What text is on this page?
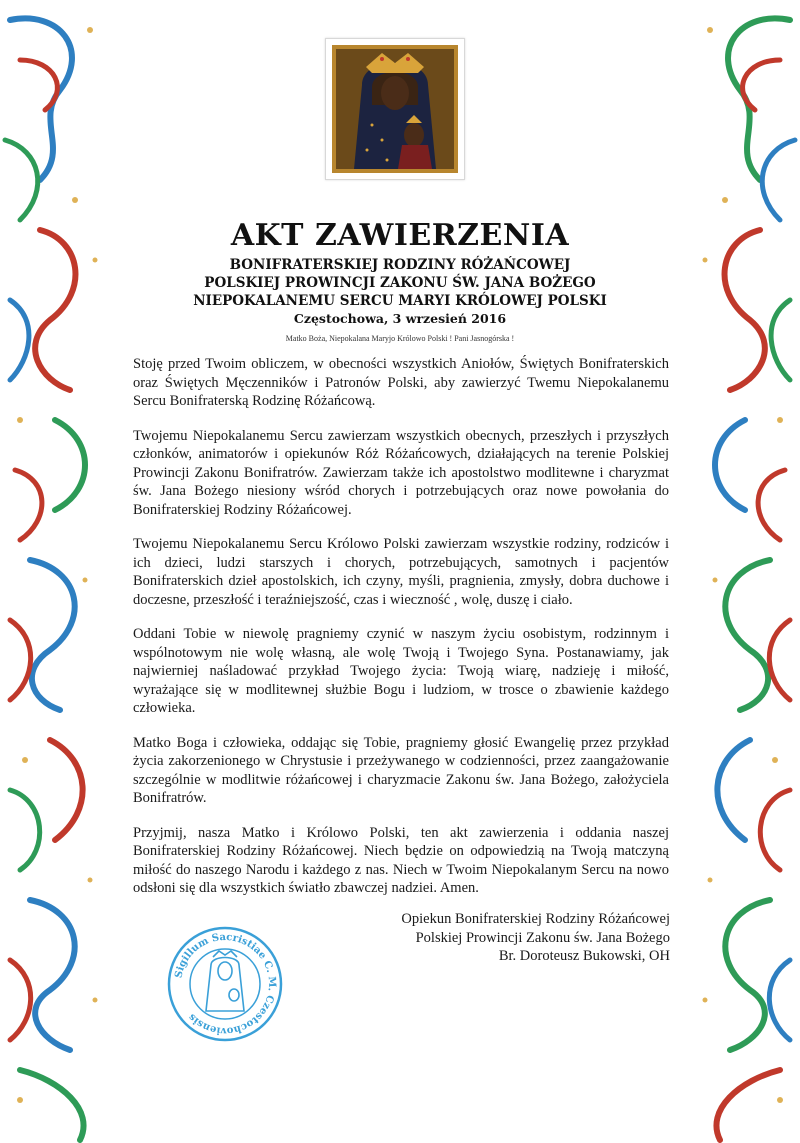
AKT ZAWIERZENIA
BONIFRATERSKIEJ RODZINY RÓŻAŃCOWEJ
POLSKIEJ PROWINCJI ZAKONU ŚW. JANA BOŻEGO
NIEPOKALANEMU SERCU MARYI KRÓLOWEJ POLSKI
Częstochowa, 3 wrzesień 2016
Matko Boża, Niepokalana Maryjo Królowo Polski ! Pani Jasnogórska !

Stoję przed Twoim obliczem, w obecności wszystkich Aniołów, Świętych Bonifraterskich oraz Świętych Męczenników i Patronów Polski, aby zawierzyć Twemu Niepokalanemu Sercu Bonifraterską Rodzinę Różańcową.

Twojemu Niepokalanemu Sercu zawierzam wszystkich obecnych, przeszłych i przyszłych członków, animatorów i opiekunów Róż Różańcowych, działających na terenie Polskiej Prowincji Zakonu Bonifratrów. Zawierzam także ich apostolstwo modlitewne i charyzmat św. Jana Bożego niesiony wśród chorych i potrzebujących oraz nowe powołania do Bonifraterskiej Rodziny Różańcowej.

Twojemu Niepokalanemu Sercu Królowo Polski zawierzam wszystkie rodziny, rodziców i ich dzieci, ludzi starszych i chorych, potrzebujących, samotnych i pacjentów Bonifraterskich dzieł apostolskich, ich czyny, myśli, pragnienia, zmysły, dobra duchowe i doczesne, przeszłość i teraźniejszość, czas i wieczność , wolę, duszę i ciało.

Oddani Tobie w niewolę pragniemy czynić w naszym życiu osobistym, rodzinnym i wspólnotowym nie wolę własną, ale wolę Twoją i Twojego Syna. Postanawiamy, jak najwierniej naśladować przykład Twojego życia: Twoją wiarę, nadzieję i miłość, wyrażające się w modlitewnej służbie Bogu i ludziom, w trosce o zbawienie każdego człowieka.

Matko Boga i człowieka, oddając się Tobie, pragniemy głosić Ewangelię przez przykład życia zakorzenionego w Chrystusie i przeżywanego w codzienności, przez zaangażowanie szczególnie w modlitwie różańcowej i charyzmacie Zakonu św. Jana Bożego, założyciela Bonifratrów.

Przyjmij, nasza Matko i Królowo Polski, ten akt zawierzenia i oddania naszej Bonifraterskiej Rodziny Różańcowej. Niech będzie on odpowiedzią na Twoją matczyną miłość do naszego Narodu i każdego z nas. Niech w Twoim Niepokalanym Sercu na nowo odsłoni się dla wszystkich światło zbawczej nadziei. Amen.

Sigillum Sacristiae C. M. Czestochoviensis
Opiekun Bonifraterskiej Rodziny Różańcowej
Polskiej Prowincji Zakonu św. Jana Bożego
Br. Doroteusz Bukowski, OH
